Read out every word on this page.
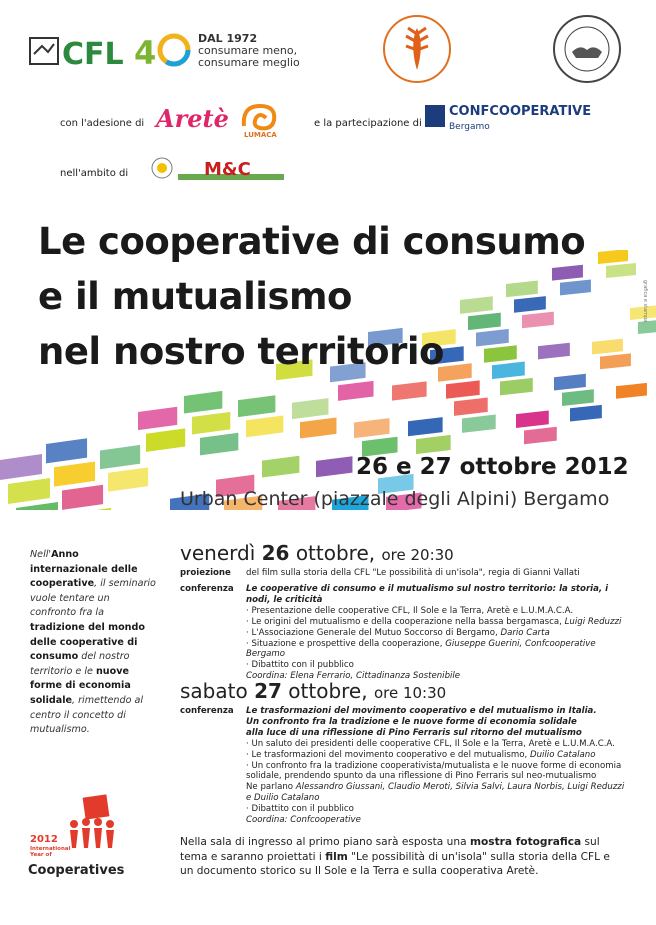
CFL 4	DAL 1972
consumare meno,
consumare meglio
con l'adesione di Aretè
LUMACA
e la partecipazione di
CONFCOOPERATIVE
Bergamo
nell'ambito di	M&C
grafica e stampa
Le cooperative di consumo
e il mutualismo
nel nostro territorio
26 e 27 ottobre 2012
Urban Center (piazzale degli Alpini) Bergamo
Nell'Anno internazionale delle cooperative, il seminario vuole tentare un confronto fra la tradizione del mondo delle cooperative di consumo del nostro territorio e le nuove forme di economia solidale, rimettendo al centro il concetto di mutualismo.
2012
International
Year of
Cooperatives
venerdì 26 ottobre, ore 20:30
proiezione del film sulla storia della CFL "Le possibilità di un'isola", regia di Gianni Vallati
conferenza Le cooperative di consumo e il mutualismo sul nostro territorio: la storia, i nodi, le criticità
· Presentazione delle cooperative CFL, Il Sole e la Terra, Aretè e L.U.M.A.C.A.
· Le origini del mutualismo e della cooperazione nella bassa bergamasca, Luigi Reduzzi
· L'Associazione Generale del Mutuo Soccorso di Bergamo, Dario Carta
· Situazione e prospettive della cooperazione, Giuseppe Guerini, Confcooperative Bergamo
· Dibattito con il pubblico
Coordina: Elena Ferrario, Cittadinanza Sostenibile
sabato 27 ottobre, ore 10:30
conferenza Le trasformazioni del movimento cooperativo e del mutualismo in Italia.
Un confronto fra la tradizione e le nuove forme di economia solidale
alla luce di una riflessione di Pino Ferraris sul ritorno del mutualismo
· Un saluto dei presidenti delle cooperative CFL, Il Sole e la Terra, Aretè e L.U.M.A.C.A.
· Le trasformazioni del movimento cooperativo e del mutualismo, Duilio Catalano
· Un confronto fra la tradizione cooperativista/mutualista e le nuove forme di economia
solidale, prendendo spunto da una riflessione di Pino Ferraris sul neo-mutualismo
Ne parlano Alessandro Giussani, Claudio Meroti, Silvia Salvi, Laura Norbis, Luigi Reduzzi e Duilio Catalano
· Dibattito con il pubblico
Coordina: Confcooperative
Nella sala di ingresso al primo piano sarà esposta una mostra fotografica sul tema e saranno proiettati i film "Le possibilità di un'isola" sulla storia della CFL e un documento storico su Il Sole e la Terra e sulla cooperativa Aretè.
